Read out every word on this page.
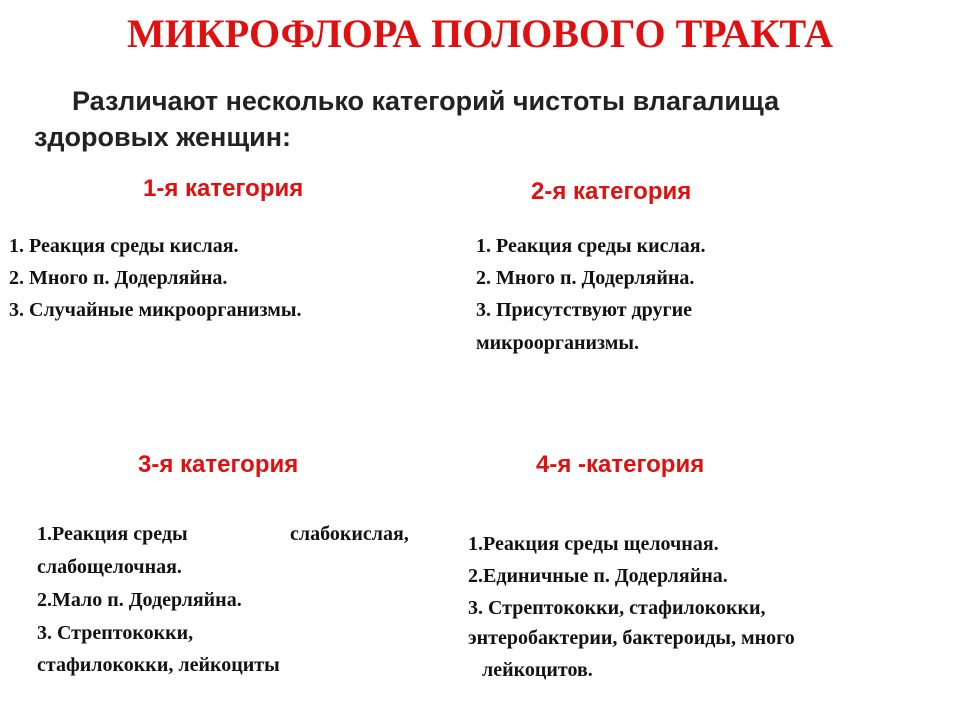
МИКРОФЛОРА ПОЛОВОГО ТРАКТА
Различают несколько категорий чистоты влагалища
здоровых женщин:
1-я категория
1. Реакция среды кислая.
2. Много п. Додерляйна.
3. Случайные микроорганизмы.
2-я категория
1. Реакция среды кислая.
2. Много п. Додерляйна.
3. Присутствуют другие
микроорганизмы.
3-я категория
1.Реакция среды	слабокислая,
слабощелочная.
2.Мало п. Додерляйна.
3. Стрептококки,
стафилококки, лейкоциты
4-я -категория
1.Реакция среды щелочная.
2.Единичные п. Додерляйна.
3. Стрептококки, стафилококки,
энтеробактерии, бактероиды, много
лейкоцитов.
